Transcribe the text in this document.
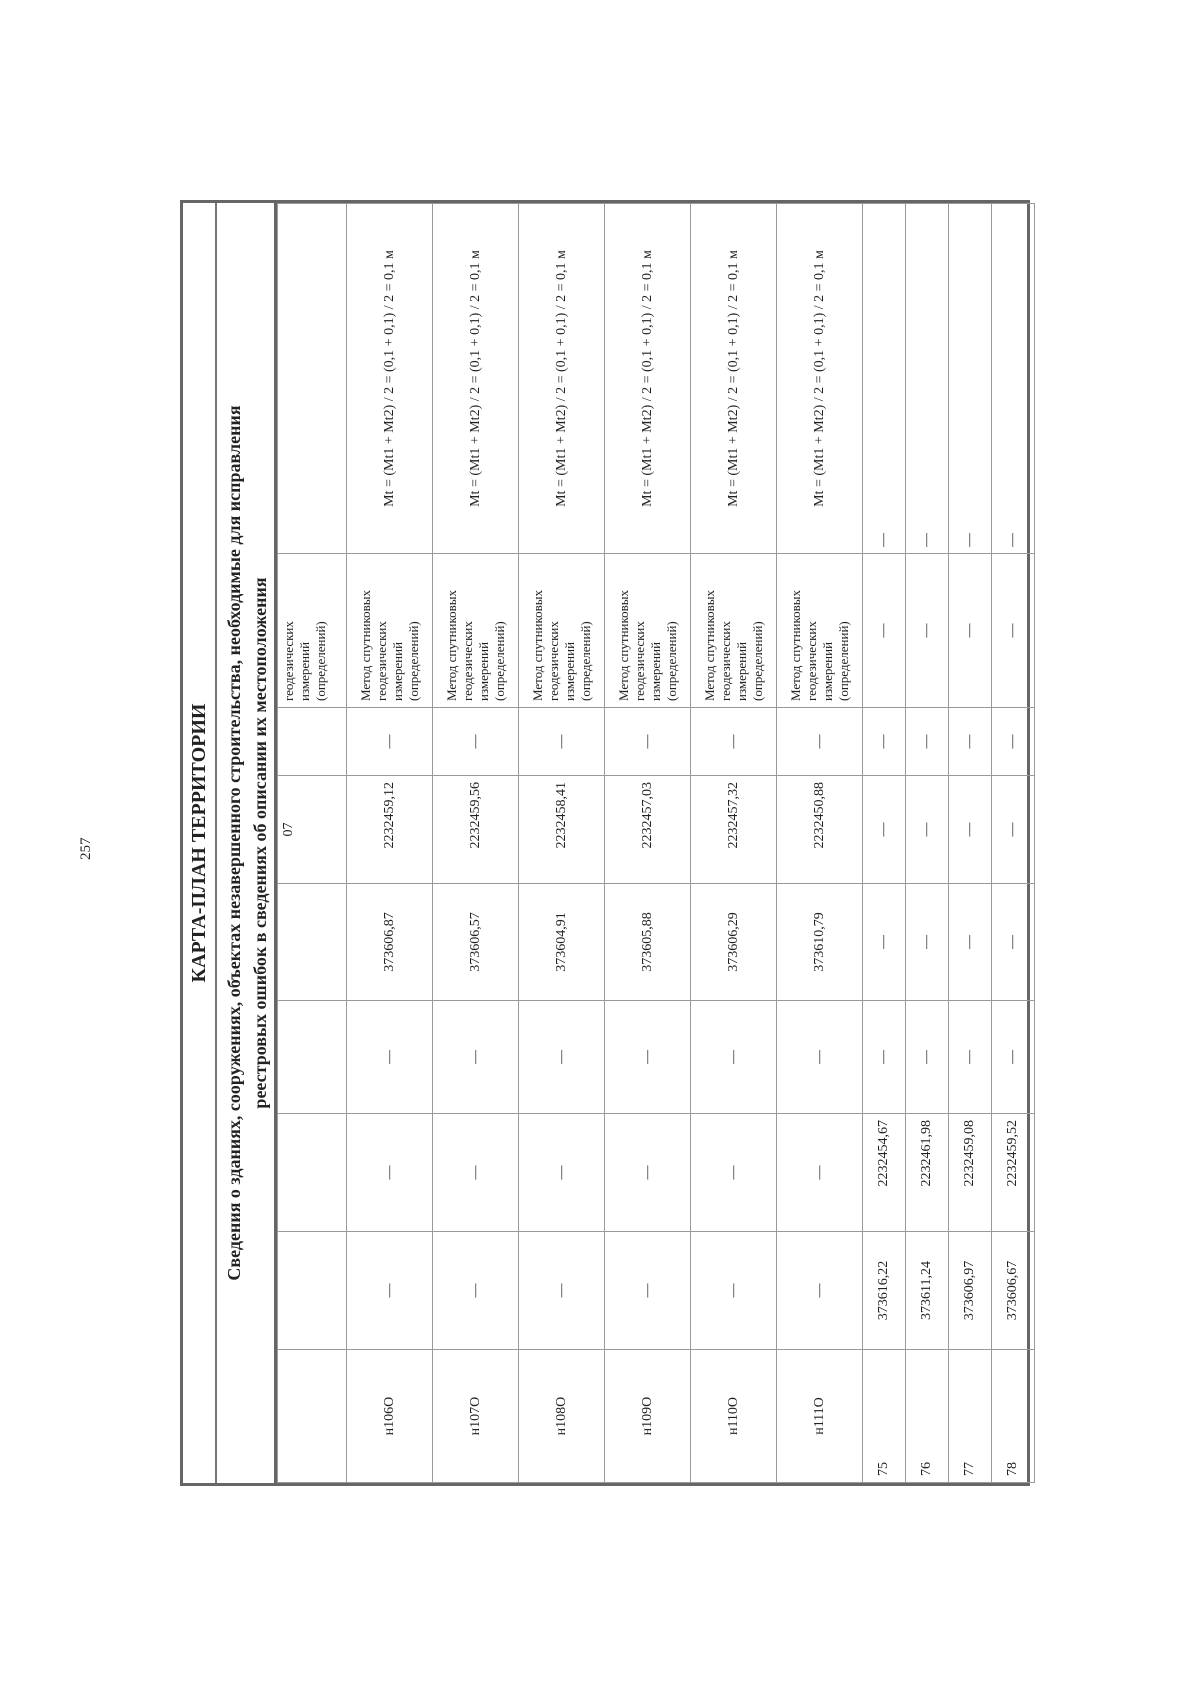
257	КАРТА-ПЛАН ТЕРРИТОРИИ Сведения о зданиях, сооружениях, объектах незавершенного строительства, необходимые для исправления реестровых ошибок в сведениях об описании их местоположения
					07		геодезических измерений (определений)	
н106О	—	—	—	373606,87	2232459,12	—	Метод спутниковых геодезических измерений (определений)	Mt = (Mt1 + Mt2) / 2 = (0,1 + 0,1) / 2 = 0,1 м
н107О	—	—	—	373606,57	2232459,56	—	Метод спутниковых геодезических измерений (определений)	Mt = (Mt1 + Mt2) / 2 = (0,1 + 0,1) / 2 = 0,1 м
н108О	—	—	—	373604,91	2232458,41	—	Метод спутниковых геодезических измерений (определений)	Mt = (Mt1 + Mt2) / 2 = (0,1 + 0,1) / 2 = 0,1 м
н109О	—	—	—	373605,88	2232457,03	—	Метод спутниковых геодезических измерений (определений)	Mt = (Mt1 + Mt2) / 2 = (0,1 + 0,1) / 2 = 0,1 м
н110О	—	—	—	373606,29	2232457,32	—	Метод спутниковых геодезических измерений (определений)	Mt = (Mt1 + Mt2) / 2 = (0,1 + 0,1) / 2 = 0,1 м
н111О	—	—	—	373610,79	2232450,88	—	Метод спутниковых геодезических измерений (определений)	Mt = (Mt1 + Mt2) / 2 = (0,1 + 0,1) / 2 = 0,1 м
75	373616,22	2232454,67	—	—	—	—	—	—
76	373611,24	2232461,98	—	—	—	—	—	—
77	373606,97	2232459,08	—	—	—	—	—	—
78	373606,67	2232459,52	—	—	—	—	—	—
